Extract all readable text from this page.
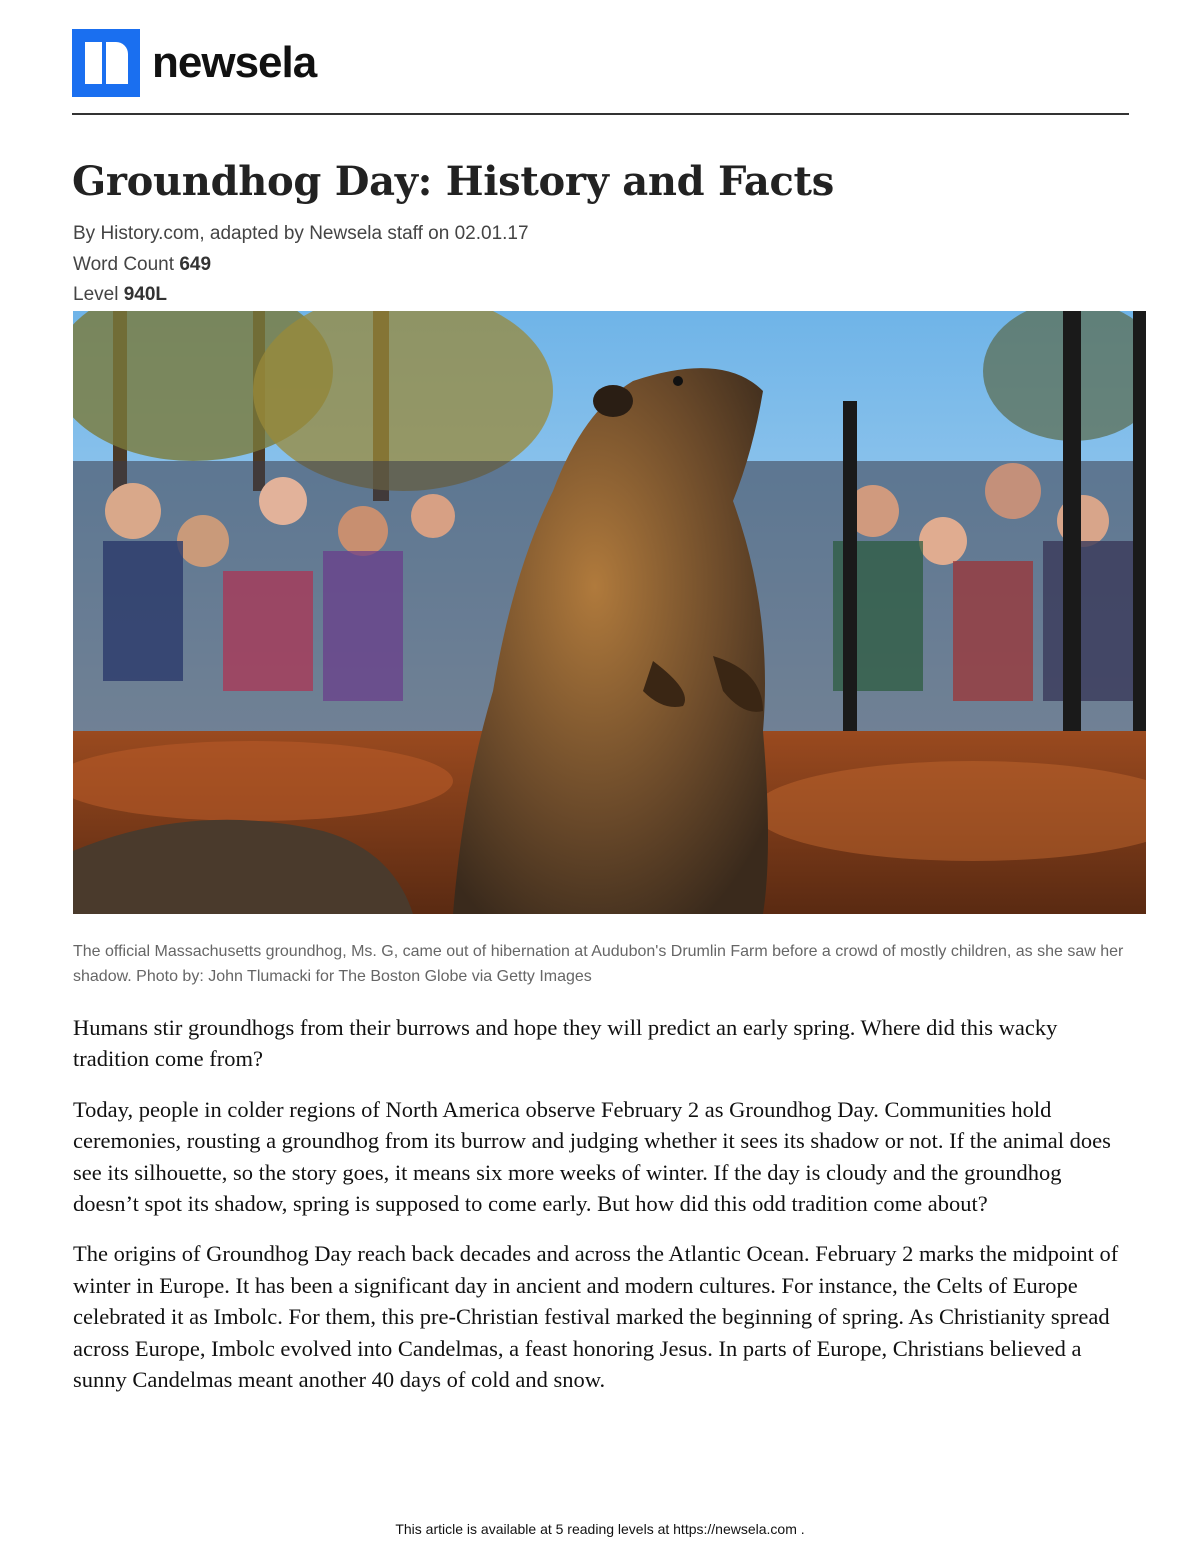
newsela
Groundhog Day: History and Facts
By History.com, adapted by Newsela staff on 02.01.17
Word Count 649
Level 940L
The official Massachusetts groundhog, Ms. G, came out of hibernation at Audubon's Drumlin Farm before a crowd of mostly children, as she saw her shadow. Photo by: John Tlumacki for The Boston Globe via Getty Images

Humans stir groundhogs from their burrows and hope they will predict an early spring. Where did this wacky tradition come from?

Today, people in colder regions of North America observe February 2 as Groundhog Day. Communities hold ceremonies, rousting a groundhog from its burrow and judging whether it sees its shadow or not. If the animal does see its silhouette, so the story goes, it means six more weeks of winter. If the day is cloudy and the groundhog doesn’t spot its shadow, spring is supposed to come early. But how did this odd tradition come about?

The origins of Groundhog Day reach back decades and across the Atlantic Ocean. February 2 marks the midpoint of winter in Europe. It has been a significant day in ancient and modern cultures. For instance, the Celts of Europe celebrated it as Imbolc. For them, this pre-Christian festival marked the beginning of spring. As Christianity spread across Europe, Imbolc evolved into Candelmas, a feast honoring Jesus. In parts of Europe, Christians believed a sunny Candelmas meant another 40 days of cold and snow.

This article is available at 5 reading levels at https://newsela.com .
